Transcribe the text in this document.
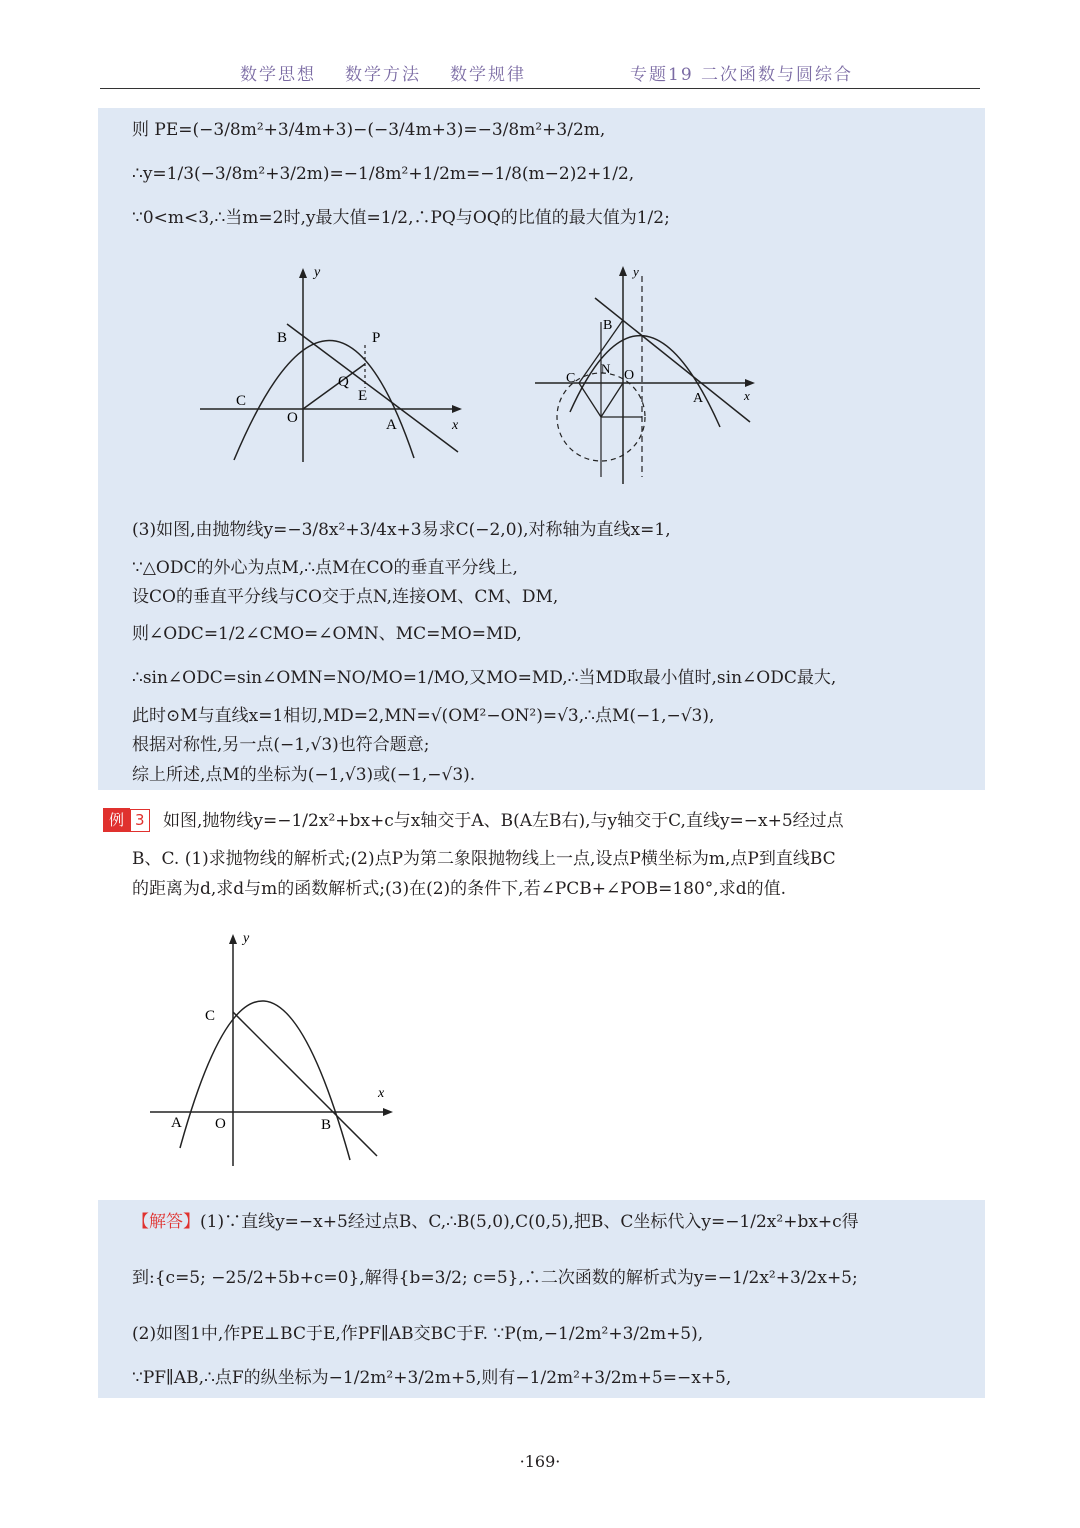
数学思想 数学方法 数学规律	专题19 二次函数与圆综合
则 PE=(−3/8m²+3/4m+3)−(−3/4m+3)=−3/8m²+3/2m,
∴y=1/3(−3/8m²+3/2m)=−1/8m²+1/2m=−1/8(m−2)2+1/2,
∵0<m<3,∴当m=2时,y最大值=1/2,∴PQ与OQ的比值的最大值为1/2;
y
x
B	P
Q
E
C
O	A
y
x
B
C
N O
A
(3)如图,由抛物线y=−3/8x²+3/4x+3易求C(−2,0),对称轴为直线x=1,
∵△ODC的外心为点M,∴点M在CO的垂直平分线上,
设CO的垂直平分线与CO交于点N,连接OM、CM、DM,
则∠ODC=1/2∠CMO=∠OMN、MC=MO=MD,
∴sin∠ODC=sin∠OMN=NO/MO=1/MO,又MO=MD,∴当MD取最小值时,sin∠ODC最大,
此时⊙M与直线x=1相切,MD=2,MN=√(OM²−ON²)=√3,∴点M(−1,−√3),
根据对称性,另一点(−1,√3)也符合题意;
综上所述,点M的坐标为(−1,√3)或(−1,−√3).
例 3 如图,抛物线y=−1/2x²+bx+c与x轴交于A、B(A左B右),与y轴交于C,直线y=−x+5经过点
B、C. (1)求抛物线的解析式;(2)点P为第二象限抛物线上一点,设点P横坐标为m,点P到直线BC
的距离为d,求d与m的函数解析式;(3)在(2)的条件下,若∠PCB+∠POB=180°,求d的值.
y
x
C
A O	B
【解答】(1)∵直线y=−x+5经过点B、C,∴B(5,0),C(0,5),把B、C坐标代入y=−1/2x²+bx+c得
到:{c=5; −25/2+5b+c=0},解得{b=3/2; c=5},∴二次函数的解析式为y=−1/2x²+3/2x+5;
(2)如图1中,作PE⊥BC于E,作PF∥AB交BC于F. ∵P(m,−1/2m²+3/2m+5),
∵PF∥AB,∴点F的纵坐标为−1/2m²+3/2m+5,则有−1/2m²+3/2m+5=−x+5,
·169·
